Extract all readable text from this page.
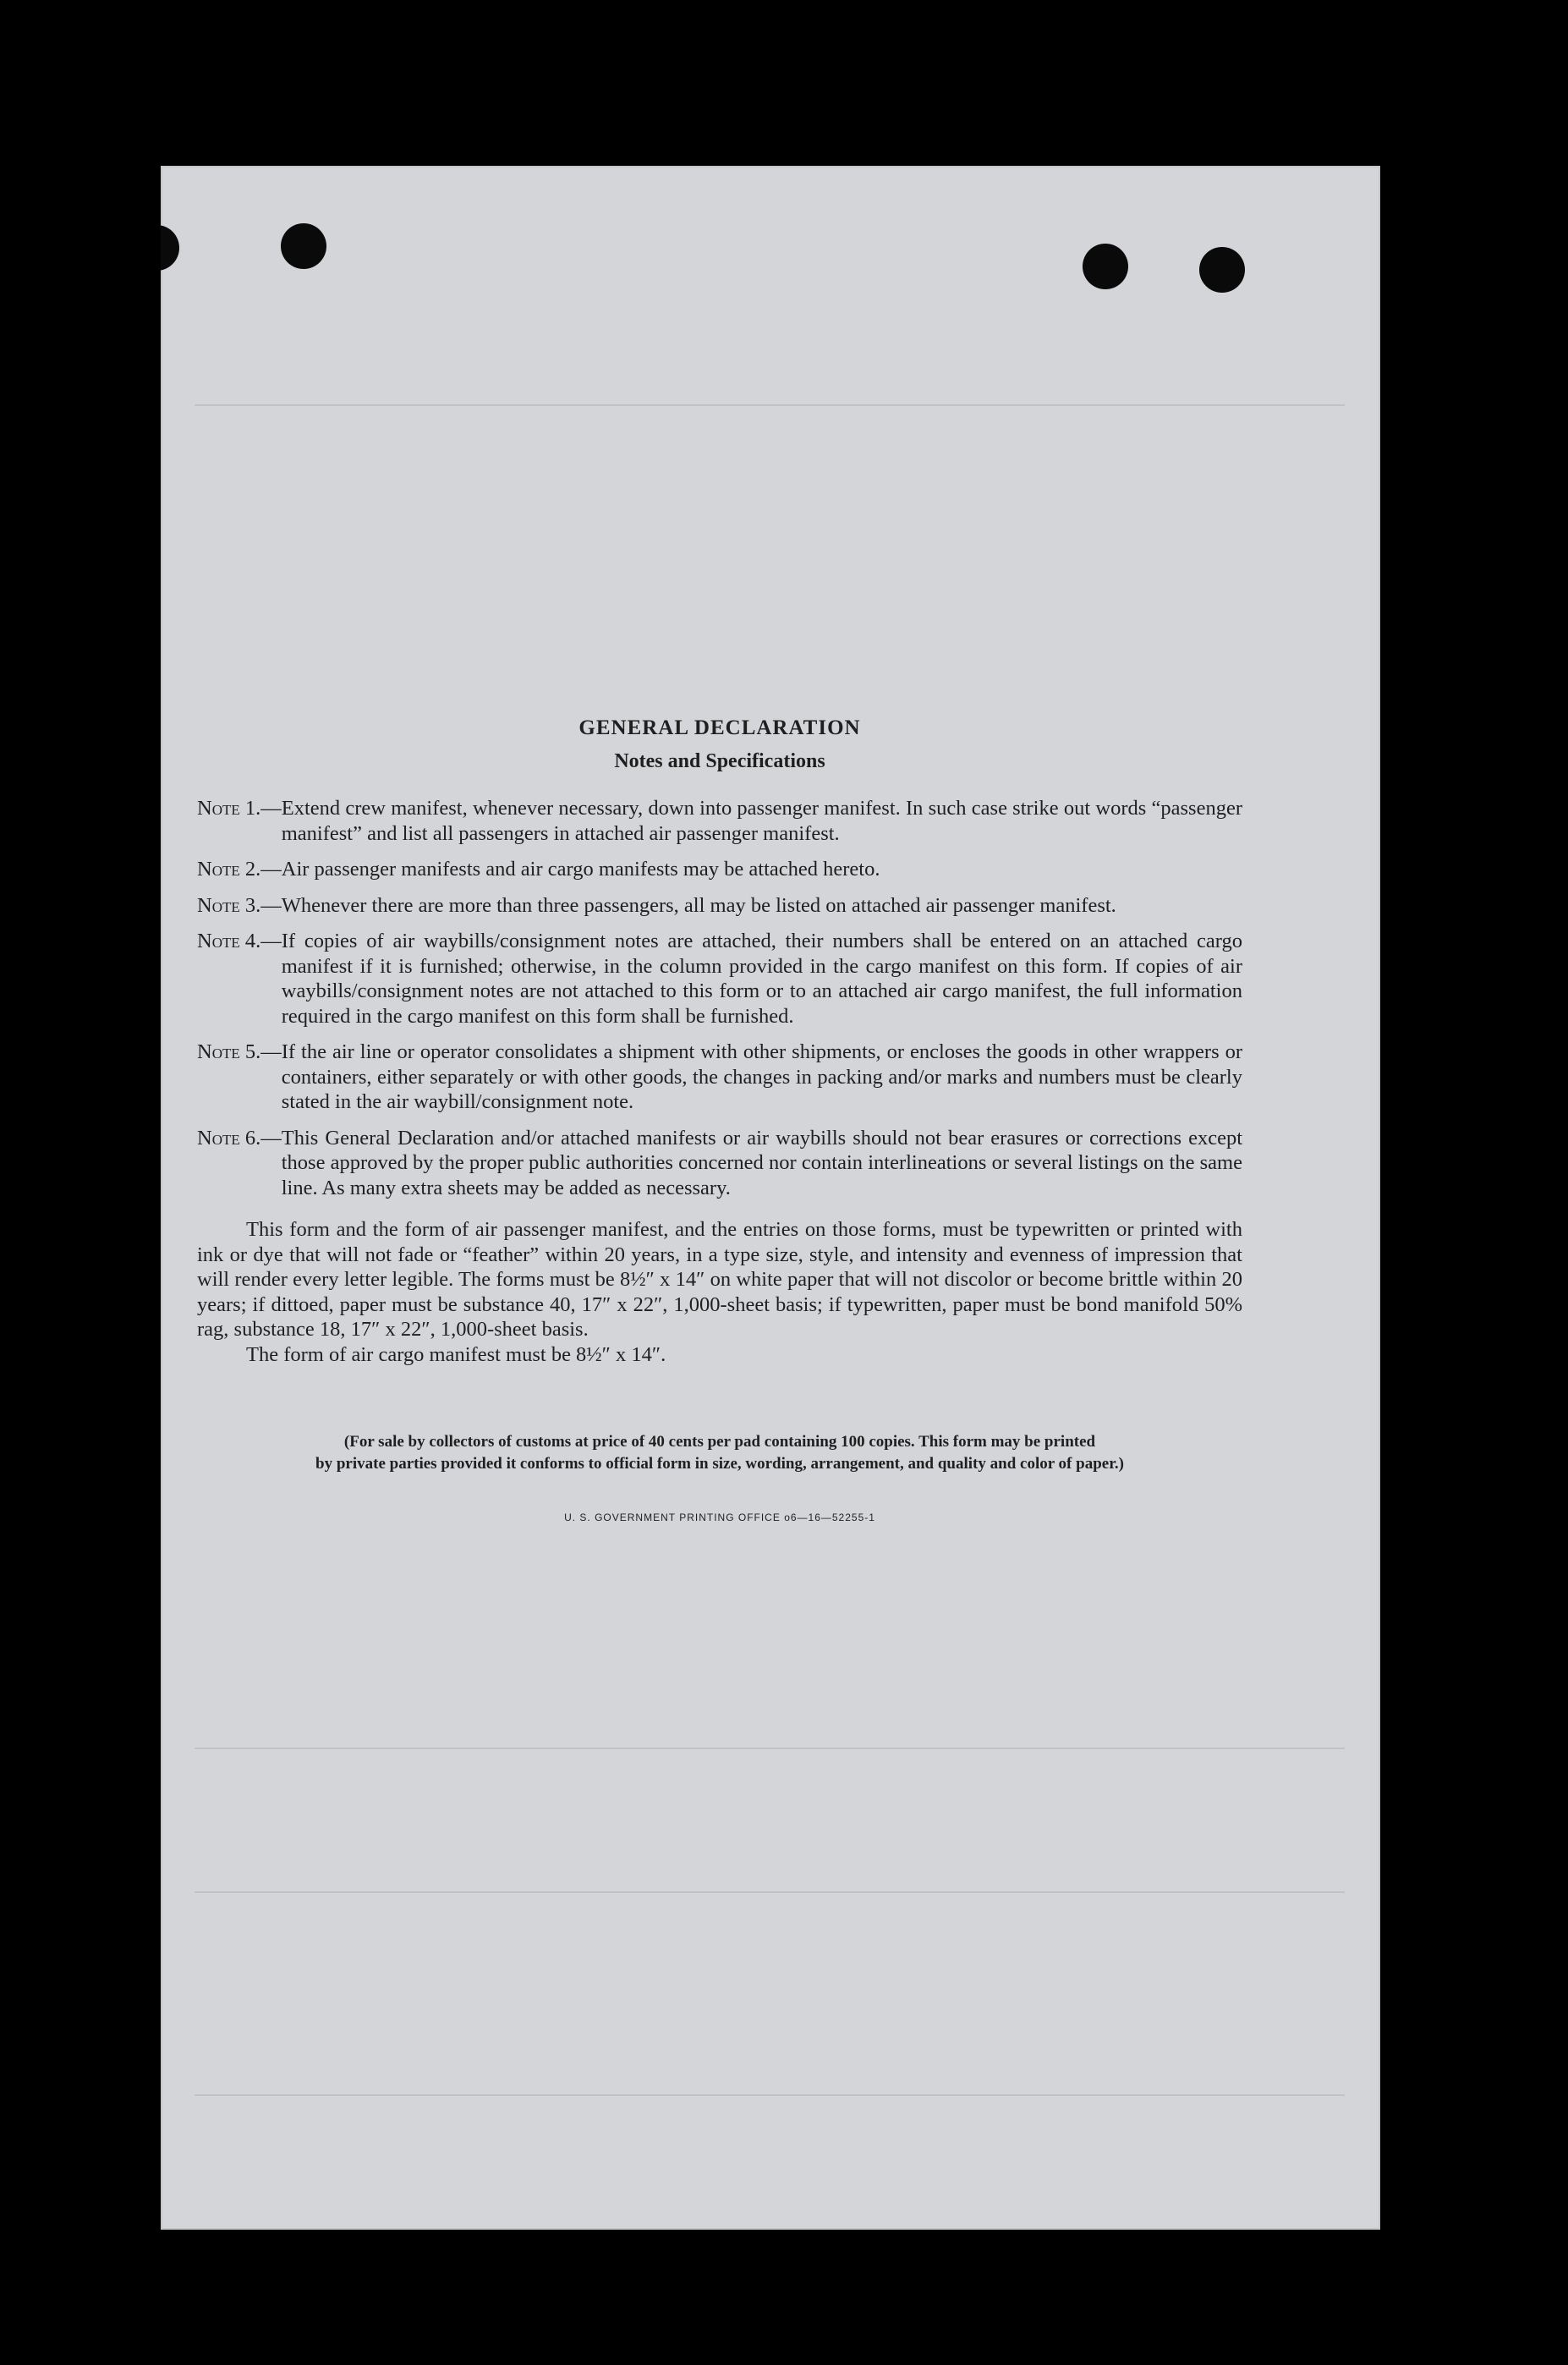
GENERAL DECLARATION
Notes and Specifications
Note 1. — Extend crew manifest, whenever necessary, down into passenger manifest. In such case strike out words “passenger manifest” and list all passengers in attached air passenger manifest.
Note 2. — Air passenger manifests and air cargo manifests may be attached hereto.
Note 3. — Whenever there are more than three passengers, all may be listed on attached air passenger manifest.
Note 4. — If copies of air waybills/consignment notes are attached, their numbers shall be entered on an attached cargo manifest if it is furnished; otherwise, in the column provided in the cargo manifest on this form. If copies of air waybills/consignment notes are not attached to this form or to an attached air cargo manifest, the full information required in the cargo manifest on this form shall be furnished.
Note 5. — If the air line or operator consolidates a shipment with other shipments, or encloses the goods in other wrappers or containers, either separately or with other goods, the changes in packing and/or marks and numbers must be clearly stated in the air waybill/consignment note.
Note 6. — This General Declaration and/or attached manifests or air waybills should not bear erasures or corrections except those approved by the proper public authorities concerned nor contain interlineations or several listings on the same line. As many extra sheets may be added as necessary.

This form and the form of air passenger manifest, and the entries on those forms, must be typewritten or printed with ink or dye that will not fade or “feather” within 20 years, in a type size, style, and intensity and evenness of impression that will render every letter legible. The forms must be 8½″ x 14″ on white paper that will not discolor or become brittle within 20 years; if dittoed, paper must be substance 40, 17″ x 22″, 1,000-sheet basis; if typewritten, paper must be bond manifold 50% rag, substance 18, 17″ x 22″, 1,000-sheet basis.

The form of air cargo manifest must be 8½″ x 14″.

(For sale by collectors of customs at price of 40 cents per pad containing 100 copies. This form may be printed
by private parties provided it conforms to official form in size, wording, arrangement, and quality and color of paper.)
U. S. GOVERNMENT PRINTING OFFICE o6—16—52255-1
